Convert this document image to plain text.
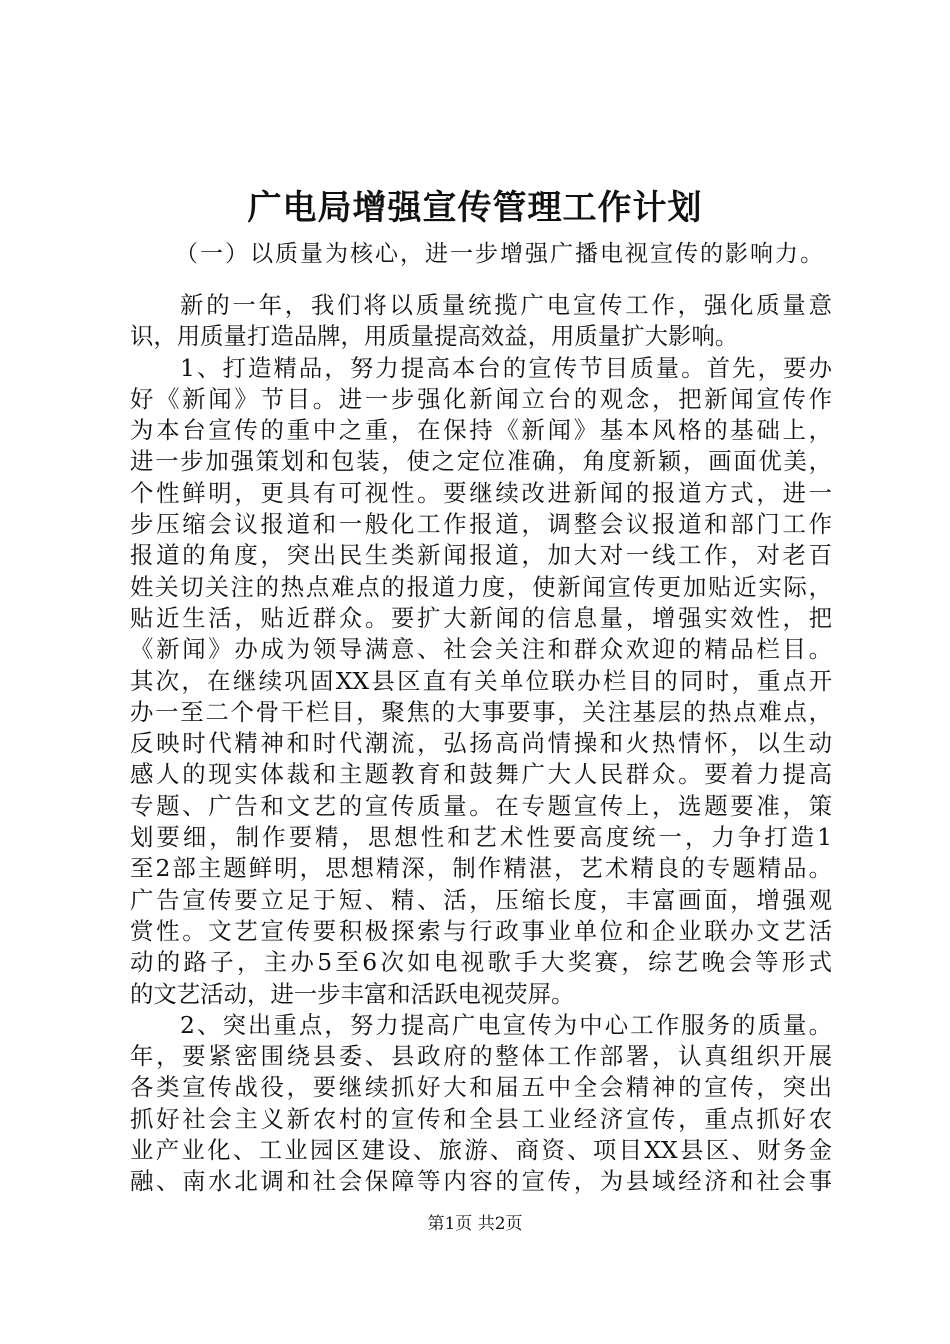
广电局增强宣传管理工作计划
（一）以质量为核心，进一步增强广播电视宣传的影响力。
新的一年，我们将以质量统揽广电宣传工作，强化质量意
识，用质量打造品牌，用质量提高效益，用质量扩大影响。
1、打造精品，努力提高本台的宣传节目质量。首先，要办
好《新闻》节目。进一步强化新闻立台的观念，把新闻宣传作
为本台宣传的重中之重，在保持《新闻》基本风格的基础上，
进一步加强策划和包装，使之定位准确，角度新颖，画面优美，
个性鲜明，更具有可视性。要继续改进新闻的报道方式，进一
步压缩会议报道和一般化工作报道，调整会议报道和部门工作
报道的角度，突出民生类新闻报道，加大对一线工作，对老百
姓关切关注的热点难点的报道力度，使新闻宣传更加贴近实际，
贴近生活，贴近群众。要扩大新闻的信息量，增强实效性，把
《新闻》办成为领导满意、社会关注和群众欢迎的精品栏目。
其次，在继续巩固XX县区直有关单位联办栏目的同时，重点开
办一至二个骨干栏目，聚焦的大事要事，关注基层的热点难点，
反映时代精神和时代潮流，弘扬高尚情操和火热情怀，以生动
感人的现实体裁和主题教育和鼓舞广大人民群众。要着力提高
专题、广告和文艺的宣传质量。在专题宣传上，选题要准，策
划要细，制作要精，思想性和艺术性要高度统一，力争打造1
至2部主题鲜明，思想精深，制作精湛，艺术精良的专题精品。
广告宣传要立足于短、精、活，压缩长度，丰富画面，增强观
赏性。文艺宣传要积极探索与行政事业单位和企业联办文艺活
动的路子，主办5至6次如电视歌手大奖赛，综艺晚会等形式
的文艺活动，进一步丰富和活跃电视荧屏。
2、突出重点，努力提高广电宣传为中心工作服务的质量。
年，要紧密围绕县委、县政府的整体工作部署，认真组织开展
各类宣传战役，要继续抓好大和届五中全会精神的宣传，突出
抓好社会主义新农村的宣传和全县工业经济宣传，重点抓好农
业产业化、工业园区建设、旅游、商资、项目XX县区、财务金
融、南水北调和社会保障等内容的宣传，为县域经济和社会事
第1页 共2页
